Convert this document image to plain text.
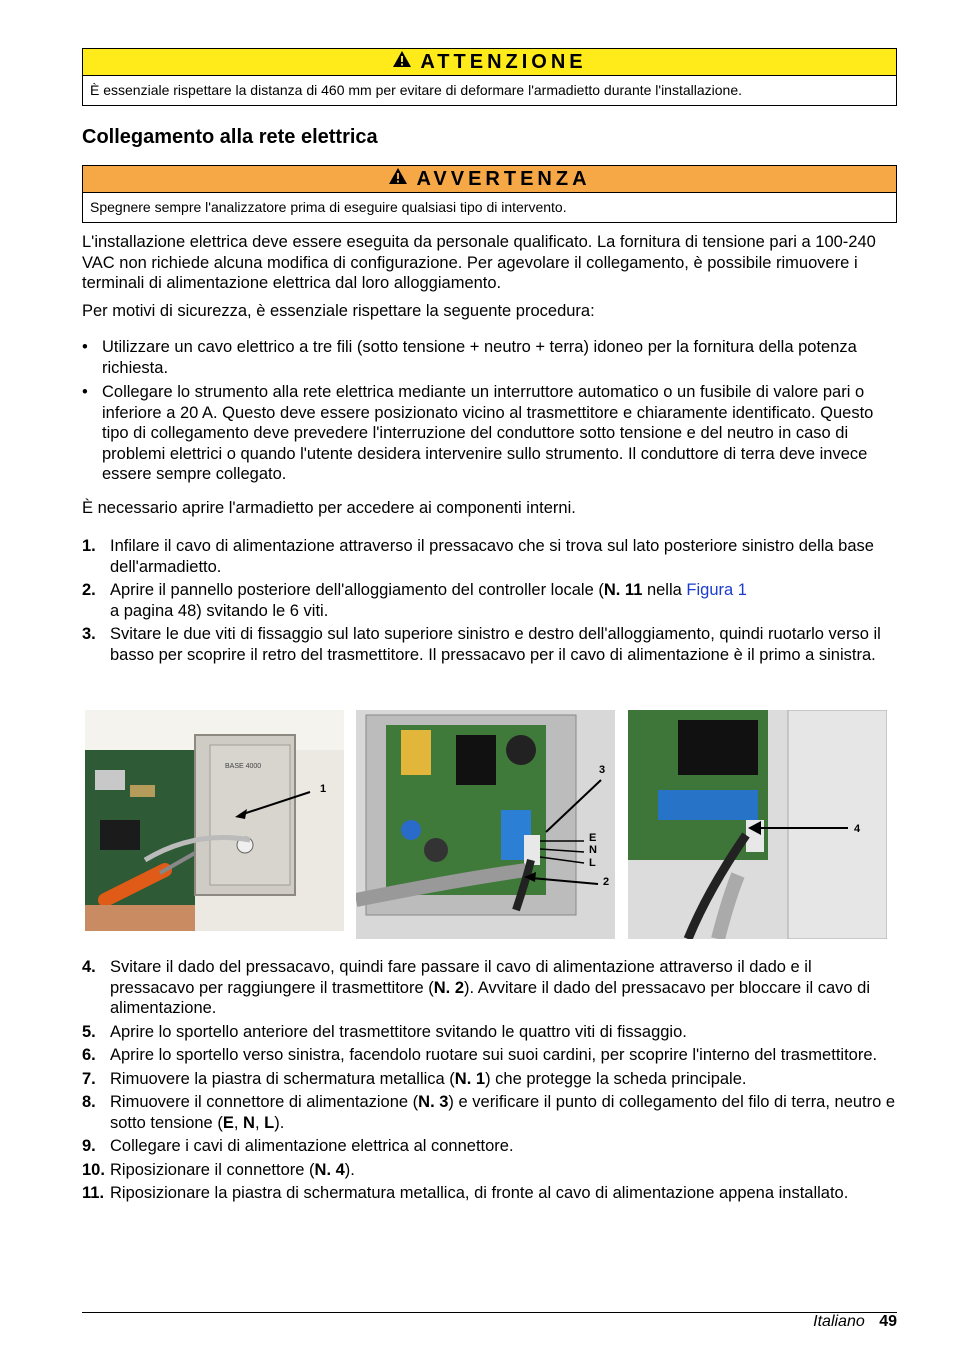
ATTENZIONE
È essenziale rispettare la distanza di 460 mm per evitare di deformare l'armadietto durante l'installazione.
Collegamento alla rete elettrica
AVVERTENZA
Spegnere sempre l'analizzatore prima di eseguire qualsiasi tipo di intervento.

L'installazione elettrica deve essere eseguita da personale qualificato. La fornitura di tensione pari a 100-240 VAC non richiede alcuna modifica di configurazione. Per agevolare il collegamento, è possibile rimuovere i terminali di alimentazione elettrica dal loro alloggiamento.

Per motivi di sicurezza, è essenziale rispettare la seguente procedura:

• Utilizzare un cavo elettrico a tre fili (sotto tensione + neutro + terra) idoneo per la fornitura della potenza richiesta.
• Collegare lo strumento alla rete elettrica mediante un interruttore automatico o un fusibile di valore pari o inferiore a 20 A. Questo deve essere posizionato vicino al trasmettitore e chiaramente identificato. Questo tipo di collegamento deve prevedere l'interruzione del conduttore sotto tensione e del neutro in caso di problemi elettrici o quando l'utente desidera intervenire sullo strumento. Il conduttore di terra deve invece essere sempre collegato.

È necessario aprire l'armadietto per accedere ai componenti interni.

1. Infilare il cavo di alimentazione attraverso il pressacavo che si trova sul lato posteriore sinistro della base dell'armadietto.
2. Aprire il pannello posteriore dell'alloggiamento del controller locale (N. 11 nella Figura 1
a pagina 48) svitando le 6 viti.
3. Svitare le due viti di fissaggio sul lato superiore sinistro e destro dell'alloggiamento, quindi ruotarlo verso il basso per scoprire il retro del trasmettitore. Il pressacavo per il cavo di alimentazione è il primo a sinistra.
BASE 4000
1
3
E
N
L
2
4
4. Svitare il dado del pressacavo, quindi fare passare il cavo di alimentazione attraverso il dado e il pressacavo per raggiungere il trasmettitore (N. 2). Avvitare il dado del pressacavo per bloccare il cavo di alimentazione.
5. Aprire lo sportello anteriore del trasmettitore svitando le quattro viti di fissaggio.
6. Aprire lo sportello verso sinistra, facendolo ruotare sui suoi cardini, per scoprire l'interno del trasmettitore.
7. Rimuovere la piastra di schermatura metallica (N. 1) che protegge la scheda principale.
8. Rimuovere il connettore di alimentazione (N. 3) e verificare il punto di collegamento del filo di terra, neutro e sotto tensione (E, N, L).
9. Collegare i cavi di alimentazione elettrica al connettore.
10. Riposizionare il connettore (N. 4).
11. Riposizionare la piastra di schermatura metallica, di fronte al cavo di alimentazione appena installato.
Italiano 49
